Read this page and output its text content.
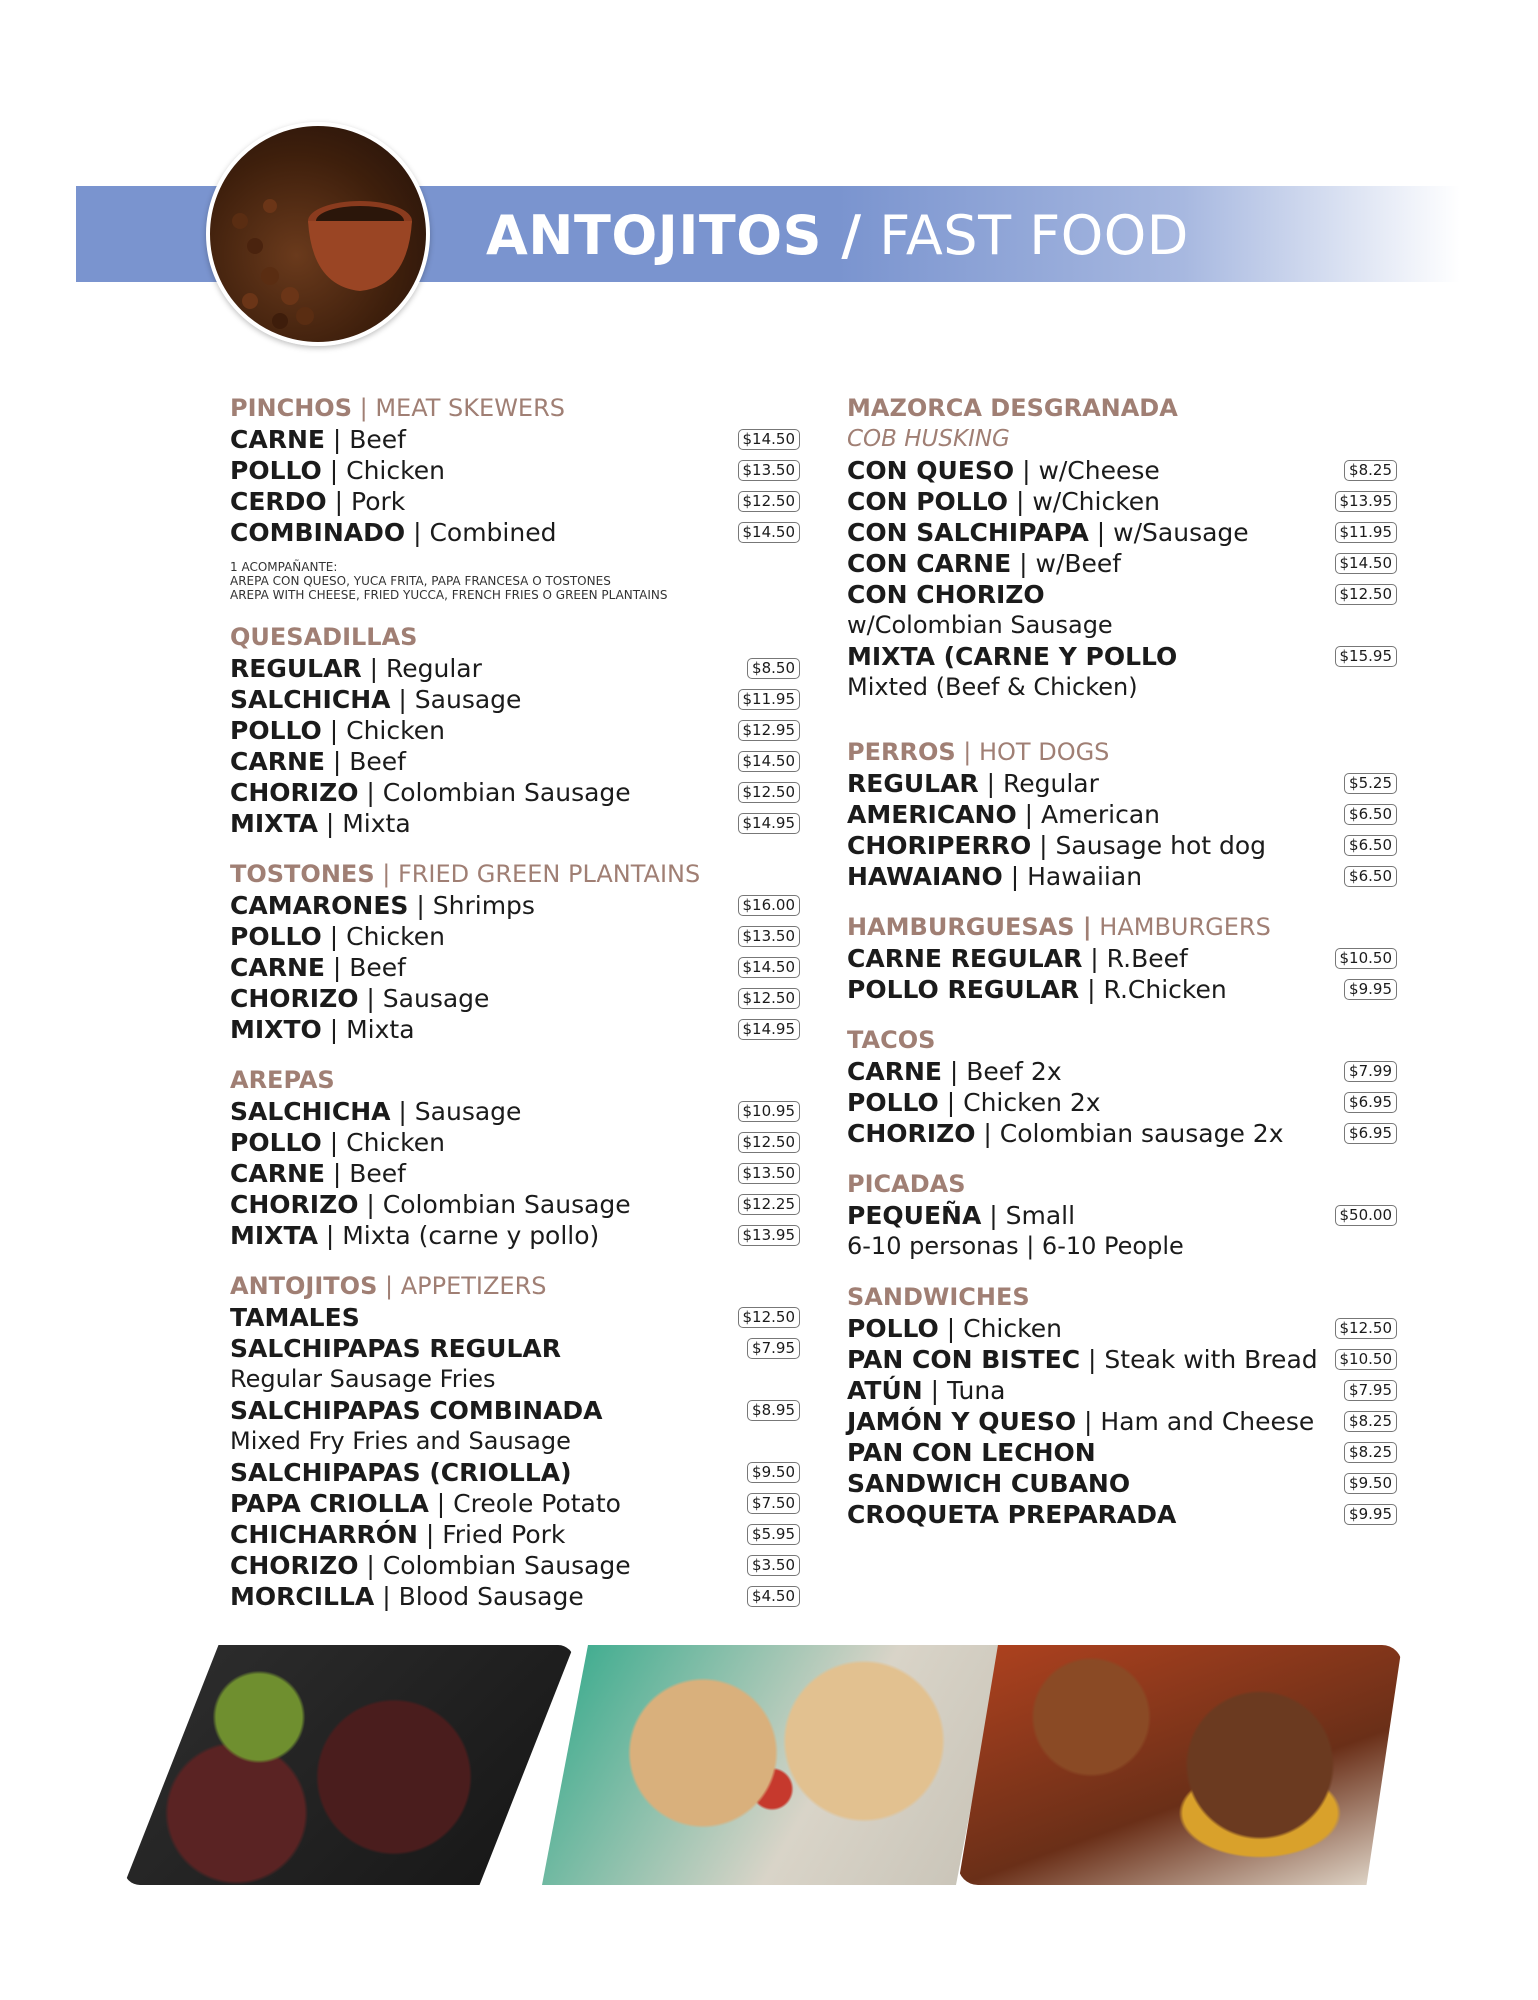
ANTOJITOS / FAST FOOD
PINCHOS | MEAT SKEWERS
CARNE | Beef	$14.50
POLLO | Chicken	$13.50
CERDO | Pork	$12.50
COMBINADO | Combined	$14.50
1 ACOMPAÑANTE:
AREPA CON QUESO, YUCA FRITA, PAPA FRANCESA O TOSTONES
AREPA WITH CHEESE, FRIED YUCCA, FRENCH FRIES O GREEN PLANTAINS
QUESADILLAS
REGULAR | Regular	$8.50
SALCHICHA | Sausage	$11.95
POLLO | Chicken	$12.95
CARNE | Beef	$14.50
CHORIZO | Colombian Sausage	$12.50
MIXTA | Mixta	$14.95
TOSTONES | FRIED GREEN PLANTAINS
CAMARONES | Shrimps	$16.00
POLLO | Chicken	$13.50
CARNE | Beef	$14.50
CHORIZO | Sausage	$12.50
MIXTO | Mixta	$14.95
AREPAS
SALCHICHA | Sausage	$10.95
POLLO | Chicken	$12.50
CARNE | Beef	$13.50
CHORIZO | Colombian Sausage	$12.25
MIXTA | Mixta (carne y pollo)	$13.95
ANTOJITOS | APPETIZERS
TAMALES	$12.50
SALCHIPAPAS REGULAR	$7.95
Regular Sausage Fries
SALCHIPAPAS COMBINADA	$8.95
Mixed Fry Fries and Sausage
SALCHIPAPAS (CRIOLLA)	$9.50
PAPA CRIOLLA | Creole Potato	$7.50
CHICHARRÓN | Fried Pork	$5.95
CHORIZO | Colombian Sausage	$3.50
MORCILLA | Blood Sausage	$4.50
MAZORCA DESGRANADA
COB HUSKING
CON QUESO | w/Cheese	$8.25
CON POLLO | w/Chicken	$13.95
CON SALCHIPAPA | w/Sausage	$11.95
CON CARNE | w/Beef	$14.50
CON CHORIZO	$12.50
w/Colombian Sausage
MIXTA (CARNE Y POLLO	$15.95
Mixted (Beef & Chicken)
PERROS | HOT DOGS
REGULAR | Regular	$5.25
AMERICANO | American	$6.50
CHORIPERRO | Sausage hot dog	$6.50
HAWAIANO | Hawaiian	$6.50
HAMBURGUESAS | HAMBURGERS
CARNE REGULAR | R.Beef	$10.50
POLLO REGULAR | R.Chicken	$9.95
TACOS
CARNE | Beef 2x	$7.99
POLLO | Chicken 2x	$6.95
CHORIZO | Colombian sausage 2x	$6.95
PICADAS
PEQUEÑA | Small	$50.00
6-10 personas | 6-10 People
SANDWICHES
POLLO | Chicken	$12.50
PAN CON BISTEC | Steak with Bread	$10.50
ATÚN | Tuna	$7.95
JAMÓN Y QUESO | Ham and Cheese	$8.25
PAN CON LECHON	$8.25
SANDWICH CUBANO	$9.50
CROQUETA PREPARADA	$9.95
